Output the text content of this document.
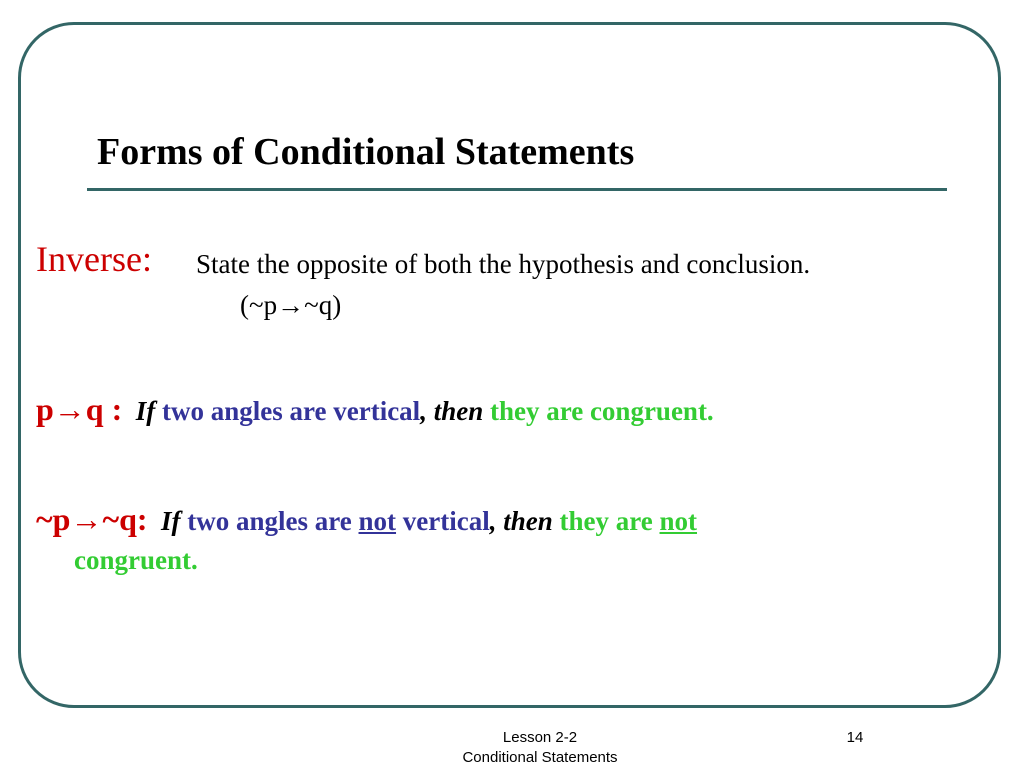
Forms of Conditional Statements
Inverse: State the opposite of both the hypothesis and conclusion.
(~p→~q)
p→q : If two angles are vertical, then they are congruent.
~p→~q: If two angles are not vertical, then they are not
congruent.
Lesson 2-2
Conditional Statements
14
